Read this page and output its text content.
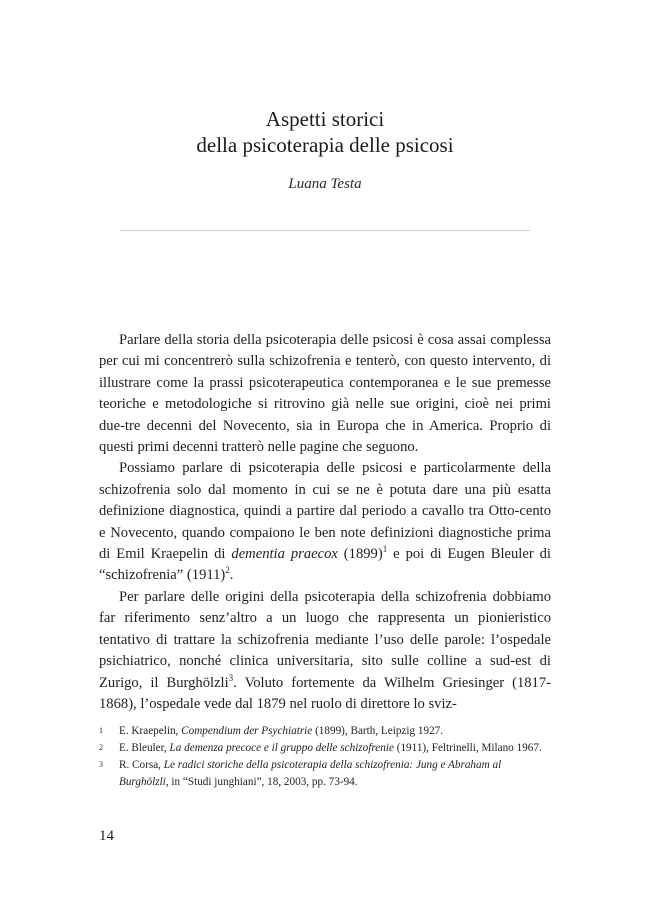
Aspetti storici
della psicoterapia delle psicosi
Luana Testa

Parlare della storia della psicoterapia delle psicosi è cosa assai complessa per cui mi concentrerò sulla schizofrenia e tenterò, con questo intervento, di illustrare come la prassi psicoterapeutica contemporanea e le sue premesse teoriche e metodologiche si ritrovino già nelle sue origini, cioè nei primi due-tre decenni del Novecento, sia in Europa che in America. Proprio di questi primi decenni tratterò nelle pagine che seguono.

Possiamo parlare di psicoterapia delle psicosi e particolarmente della schizofrenia solo dal momento in cui se ne è potuta dare una più esatta definizione diagnostica, quindi a partire dal periodo a cavallo tra Otto-cento e Novecento, quando compaiono le ben note definizioni diagnostiche prima di Emil Kraepelin di dementia praecox $(1899)^1$ e poi di Eugen Bleuler di “schizofrenia” $(1911)^2$.

Per parlare delle origini della psicoterapia della schizofrenia dobbiamo far riferimento senz’altro a un luogo che rappresenta un pionieristico tentativo di trattare la schizofrenia mediante l’uso delle parole: l’ospedale psichiatrico, nonché clinica universitaria, sito sulle colline a sud-est di Zurigo, il Burghölzli$^3$. Voluto fortemente da Wilhelm Griesinger (1817-1868), l’ospedale vede dal 1879 nel ruolo di direttore lo sviz-

1 E. Kraepelin, Compendium der Psychiatrie (1899), Barth, Leipzig 1927.
2 E. Bleuler, La demenza precoce e il gruppo delle schizofrenie (1911), Feltrinelli, Milano 1967.
3 R. Corsa, Le radici storiche della psicoterapia della schizofrenia: Jung e Abraham al Burghölzli, in “Studi junghiani”, 18, 2003, pp. 73-94.
14
